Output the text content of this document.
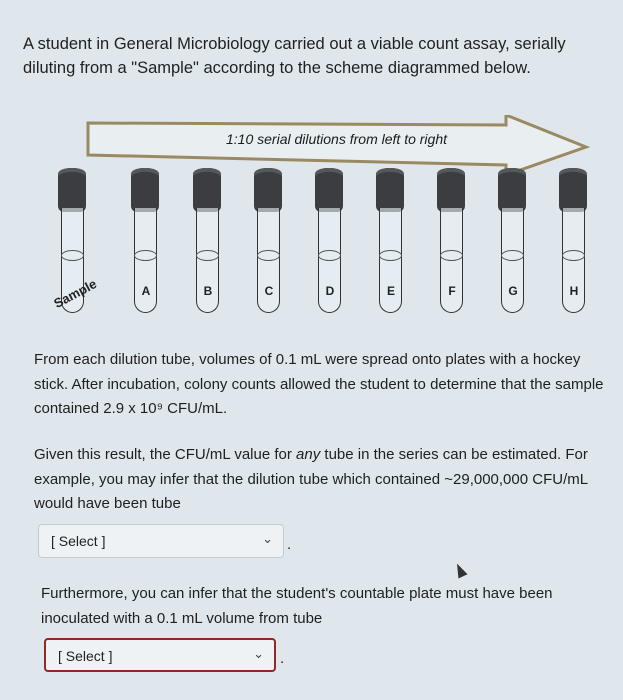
A student in General Microbiology carried out a viable count assay, serially diluting from a "Sample" according to the scheme diagrammed below.
1:10 serial dilutions from left to right
Sample	A	B	C	D	E	F	G	H
From each dilution tube, volumes of 0.1 mL were spread onto plates with a hockey stick. After incubation, colony counts allowed the student to determine that the sample contained 2.9 x 10⁹ CFU/mL.
Given this result, the CFU/mL value for any tube in the series can be estimated. For example, you may infer that the dilution tube which contained ~29,000,000 CFU/mL would have been tube
[ Select ]	⌄ .
Furthermore, you can infer that the student's countable plate must have been inoculated with a 0.1 mL volume from tube
[ Select ]	⌄ .
